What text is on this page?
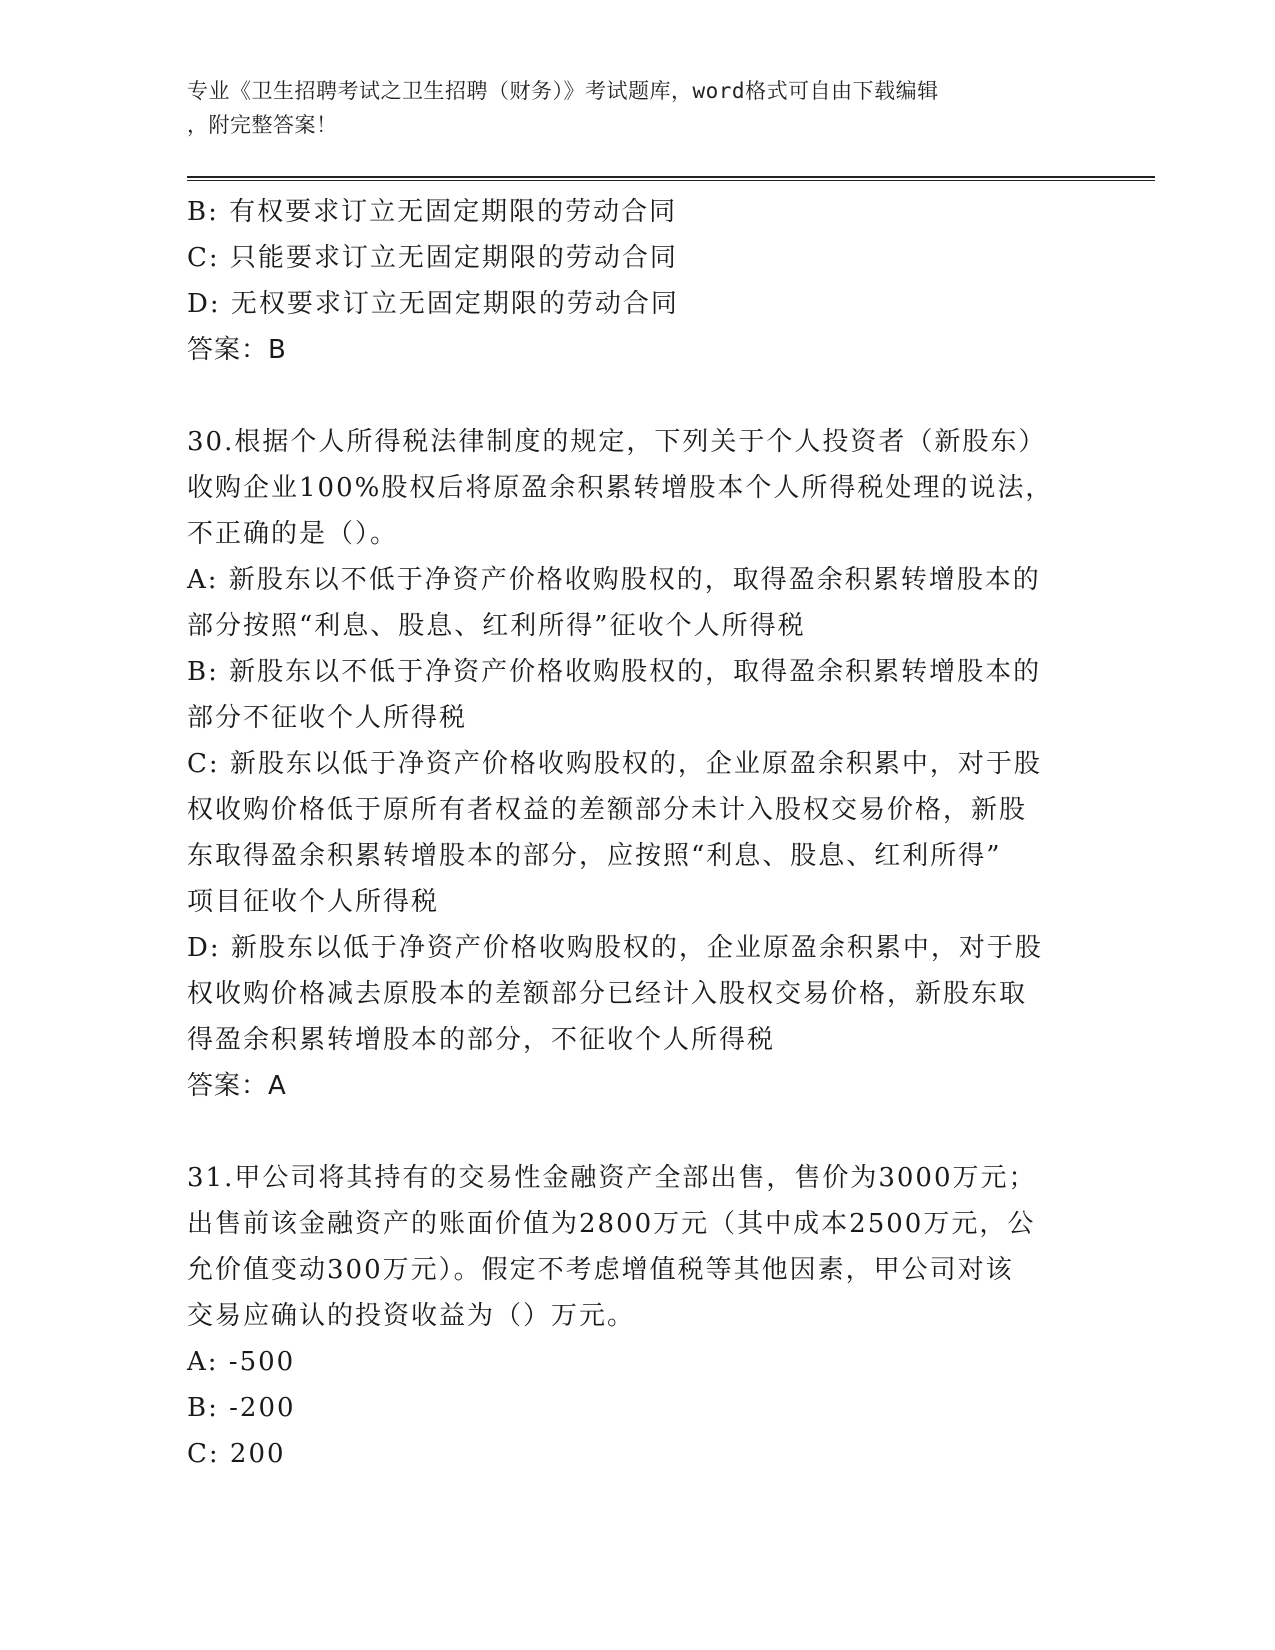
专业《卫生招聘考试之卫生招聘（财务）》考试题库，word格式可自由下载编辑
，附完整答案！
B: 有权要求订立无固定期限的劳动合同
C: 只能要求订立无固定期限的劳动合同
D: 无权要求订立无固定期限的劳动合同
答案：B
30.根据个人所得税法律制度的规定，下列关于个人投资者（新股东）
收购企业100%股权后将原盈余积累转增股本个人所得税处理的说法，
不正确的是（）。
A: 新股东以不低于净资产价格收购股权的，取得盈余积累转增股本的
部分按照“利息、股息、红利所得”征收个人所得税
B: 新股东以不低于净资产价格收购股权的，取得盈余积累转增股本的
部分不征收个人所得税
C: 新股东以低于净资产价格收购股权的，企业原盈余积累中，对于股
权收购价格低于原所有者权益的差额部分未计入股权交易价格，新股
东取得盈余积累转增股本的部分，应按照“利息、股息、红利所得”
项目征收个人所得税
D: 新股东以低于净资产价格收购股权的，企业原盈余积累中，对于股
权收购价格减去原股本的差额部分已经计入股权交易价格，新股东取
得盈余积累转增股本的部分，不征收个人所得税
答案：A
31.甲公司将其持有的交易性金融资产全部出售，售价为3000万元；
出售前该金融资产的账面价值为2800万元（其中成本2500万元，公
允价值变动300万元）。假定不考虑增值税等其他因素，甲公司对该
交易应确认的投资收益为（）万元。
A: -500
B: -200
C: 200
